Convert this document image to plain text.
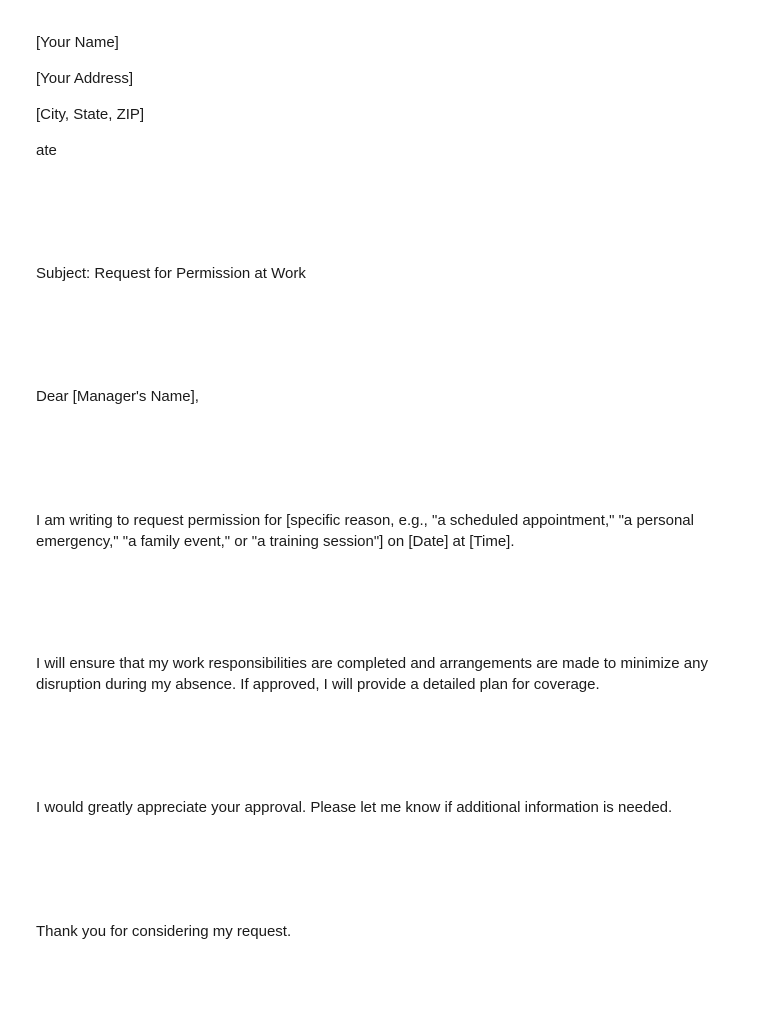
[Your Name]

[Your Address]

[City, State, ZIP]

ate

Subject: Request for Permission at Work

Dear [Manager's Name],

I am writing to request permission for [specific reason, e.g., "a scheduled appointment," "a personal emergency," "a family event," or "a training session"] on [Date] at [Time].

I will ensure that my work responsibilities are completed and arrangements are made to minimize any disruption during my absence. If approved, I will provide a detailed plan for coverage.

I would greatly appreciate your approval. Please let me know if additional information is needed.

Thank you for considering my request.
